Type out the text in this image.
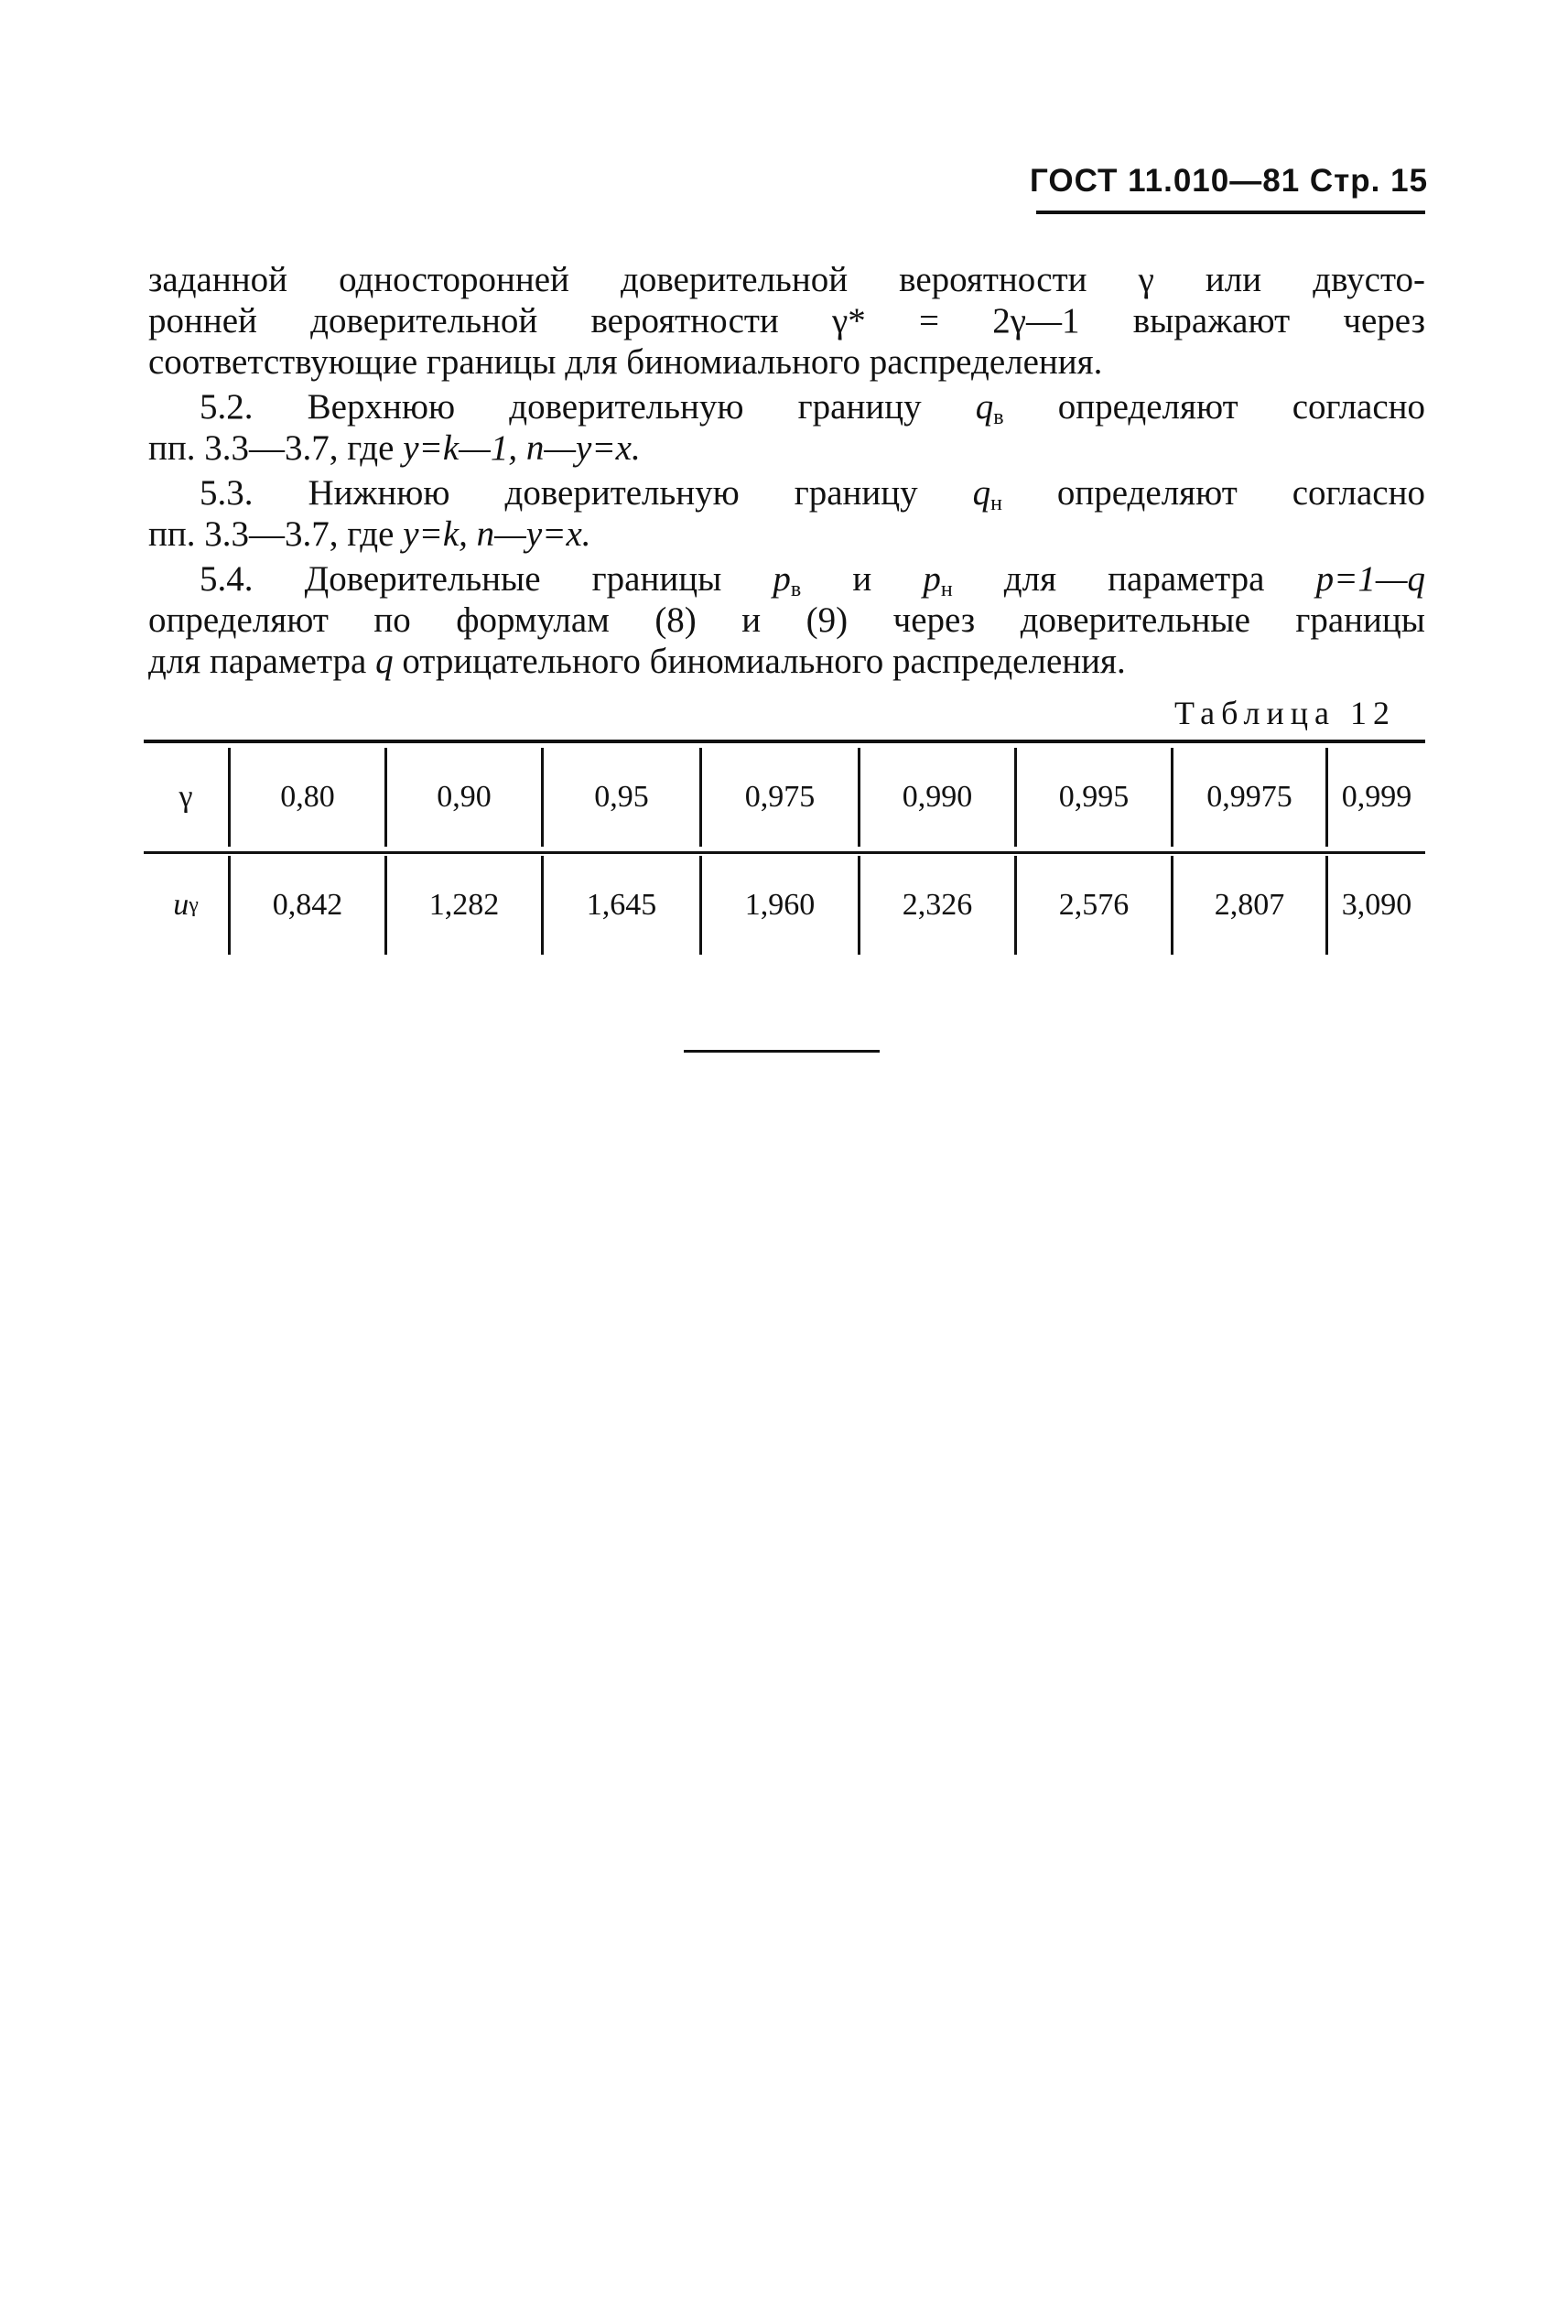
ГОСТ 11.010—81 Стр. 15
заданной односторонней доверительной вероятности γ или двусто-
ронней доверительной вероятности γ* = 2γ—1 выражают через
соответствующие границы для биномиального распределения.
5.2. Верхнюю доверительную границу $q_в$ определяют согласно
пп. 3.3—3.7, где y=k—1, n—y=x.
5.3. Нижнюю доверительную границу $q_н$ определяют согласно
пп. 3.3—3.7, где y=k, n—y=x.
5.4. Доверительные границы $p_в$ и $p_н$ для параметра p=1—q
определяют по формулам (8) и (9) через доверительные границы
для параметра q отрицательного биномиального распределения.
Таблица 12
γ	0,80	0,90	0,95	0,975	0,990	0,995	0,9975	0,999
u γ	0,842	1,282	1,645	1,960	2,326	2,576	2,807	3,090
